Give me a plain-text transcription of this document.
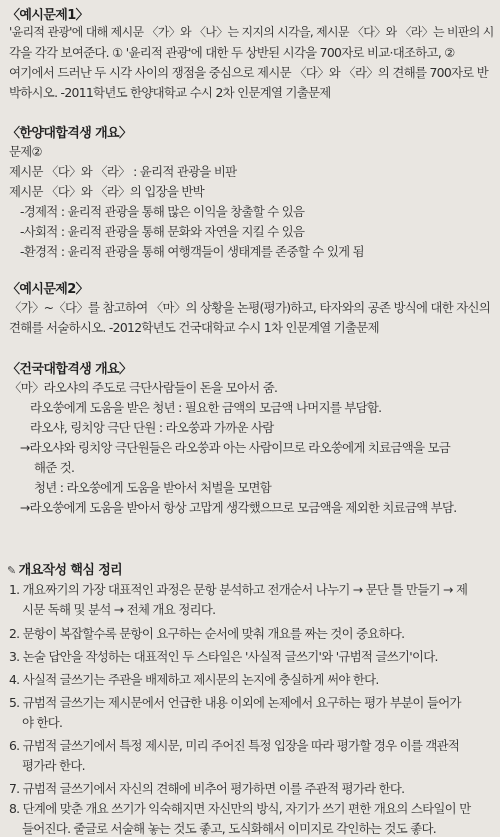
〈예시문제1〉
'윤리적 관광'에 대해 제시문 〈가〉와 〈나〉는 지지의 시각을, 제시문 〈다〉와 〈라〉는 비판의 시
각을 각각 보여준다. ① '윤리적 관광'에 대한 두 상반된 시각을 700자로 비교·대조하고, ②
여기에서 드러난 두 시각 사이의 쟁점을 중심으로 제시문 〈다〉와 〈라〉의 견해를 700자로 반
박하시오. -2011학년도 한양대학교 수시 2차 인문계열 기출문제
〈한양대합격생 개요〉
문제②
제시문 〈다〉와 〈라〉 : 윤리적 관광을 비판
제시문 〈다〉와 〈라〉의 입장을 반박
-경제적 : 윤리적 관광을 통해 많은 이익을 창출할 수 있음
-사회적 : 윤리적 관광을 통해 문화와 자연을 지킬 수 있음
-환경적 : 윤리적 관광을 통해 여행객들이 생태계를 존중할 수 있게 됨
〈예시문제2〉
〈가〉~〈다〉를 참고하여 〈마〉의 상황을 논평(평가)하고, 타자와의 공존 방식에 대한 자신의
견해를 서술하시오. -2012학년도 건국대학교 수시 1차 인문계열 기출문제
〈건국대합격생 개요〉
〈마〉라오샤의 주도로 극단사람들이 돈을 모아서 줌.
라오쑹에게 도움을 받은 청년 : 필요한 금액의 모금액 나머지를 부담함.
라오샤, 링치앙 극단 단원 : 라오쑹과 가까운 사람
→라오샤와 링치앙 극단원들은 라오쑹과 아는 사람이므로 라오쑹에게 치료금액을 모금
해준 것.
청년 : 라오쑹에게 도움을 받아서 처벌을 모면함
→라오쑹에게 도움을 받아서 항상 고맙게 생각했으므로 모금액을 제외한 치료금액 부담.
✎ 개요작성 핵심 정리
1. 개요짜기의 가장 대표적인 과정은 문항 분석하고 전개순서 나누기 → 문단 틀 만들기 → 제
시문 독해 및 분석 → 전체 개요 정리다.
2. 문항이 복잡할수록 문항이 요구하는 순서에 맞춰 개요를 짜는 것이 중요하다.
3. 논술 답안을 작성하는 대표적인 두 스타일은 '사실적 글쓰기'와 '규범적 글쓰기'이다.
4. 사실적 글쓰기는 주관을 배제하고 제시문의 논지에 충실하게 써야 한다.
5. 규범적 글쓰기는 제시문에서 언급한 내용 이외에 논제에서 요구하는 평가 부분이 들어가
야 한다.
6. 규범적 글쓰기에서 특정 제시문, 미리 주어진 특정 입장을 따라 평가할 경우 이를 객관적
평가라 한다.
7. 규범적 글쓰기에서 자신의 견해에 비추어 평가하면 이를 주관적 평가라 한다.
8. 단계에 맞춘 개요 쓰기가 익숙해지면 자신만의 방식, 자기가 쓰기 편한 개요의 스타일이 만
들어진다. 줄글로 서술해 놓는 것도 좋고, 도식화해서 이미지로 각인하는 것도 좋다.
